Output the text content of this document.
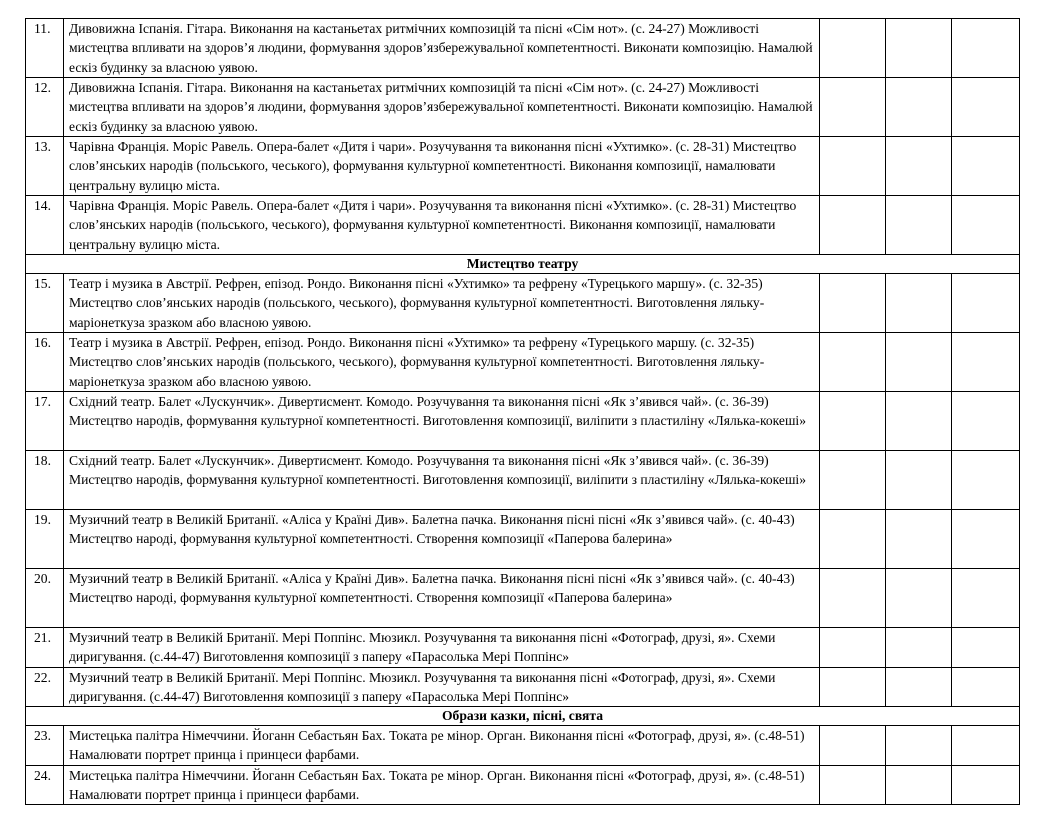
11.	Дивовижна Іспанія. Гітара. Виконання на кастаньетах ритмічних композицій та пісні «Сім нот». (с. 24-27) Можливості мистецтва впливати на здоров’я людини, формування здоров’язбережувальної компетентності. Виконати композицію. Намалюй ескіз будинку за власною уявою.			
12.	Дивовижна Іспанія. Гітара. Виконання на кастаньетах ритмічних композицій та пісні «Сім нот». (с. 24-27) Можливості мистецтва впливати на здоров’я людини, формування здоров’язбережувальної компетентності. Виконати композицію. Намалюй ескіз будинку за власною уявою.			
13.	Чарівна Франція. Моріс Равель. Опера-балет «Дитя і чари». Розучування та виконання пісні «Ухтимко». (с. 28-31) Мистецтво слов’янських народів (польського, чеського), формування культурної компетентності. Виконання композиції, намалювати центральну вулицю міста.			
14.	Чарівна Франція. Моріс Равель. Опера-балет «Дитя і чари». Розучування та виконання пісні «Ухтимко». (с. 28-31) Мистецтво слов’янських народів (польського, чеського), формування культурної компетентності. Виконання композиції, намалювати центральну вулицю міста.			
Мистецтво театру				
15.	Театр і музика в Австрії. Рефрен, епізод. Рондо. Виконання пісні «Ухтимко» та рефрену «Турецького маршу». (с. 32-35) Мистецтво слов’янських народів (польського, чеського), формування культурної компетентності. Виготовлення ляльку-маріонеткуза зразком або власною уявою.			
16.	Театр і музика в Австрії. Рефрен, епізод. Рондо. Виконання пісні «Ухтимко» та рефрену «Турецького маршу. (с. 32-35) Мистецтво слов’янських народів (польського, чеського), формування культурної компетентності. Виготовлення ляльку-маріонеткуза зразком або власною уявою.			
17.	Східний театр. Балет «Лускунчик». Дивертисмент. Комодо. Розучування та виконання пісні «Як з’явився чай». (с. 36-39) Мистецтво народів, формування культурної компетентності. Виготовлення композиції, виліпити з пластиліну «Лялька-кокеші»			
18.	Східний театр. Балет «Лускунчик». Дивертисмент. Комодо. Розучування та виконання пісні «Як з’явився чай». (с. 36-39) Мистецтво народів, формування культурної компетентності. Виготовлення композиції, виліпити з пластиліну «Лялька-кокеші»			
19.	Музичний театр в Великій Британії. «Аліса у Країні Див». Балетна пачка. Виконання пісні пісні «Як з’явився чай». (с. 40-43) Мистецтво народі, формування культурної компетентності. Створення композиції «Паперова балерина»			
20.	Музичний театр в Великій Британії. «Аліса у Країні Див». Балетна пачка. Виконання пісні пісні «Як з’явився чай». (с. 40-43) Мистецтво народі, формування культурної компетентності. Створення композиції «Паперова балерина»			
21.	Музичний театр в Великій Британії. Мері Поппінс. Мюзикл. Розучування та виконання пісні «Фотограф, друзі, я». Схеми диригування. (с.44-47) Виготовлення композиції з паперу «Парасолька Мері Поппінс»			
22.	Музичний театр в Великій Британії. Мері Поппінс. Мюзикл. Розучування та виконання пісні «Фотограф, друзі, я». Схеми диригування. (с.44-47) Виготовлення композиції з паперу «Парасолька Мері Поппінс»			
Образи казки, пісні, свята				
23.	Мистецька палітра Німеччини. Йоганн Себастьян Бах. Токата ре мінор. Орган. Виконання пісні «Фотограф, друзі, я». (с.48-51) Намалювати портрет принца і принцеси фарбами.			
24.	Мистецька палітра Німеччини. Йоганн Себастьян Бах. Токата ре мінор. Орган. Виконання пісні «Фотограф, друзі, я». (с.48-51) Намалювати портрет принца і принцеси фарбами.			
